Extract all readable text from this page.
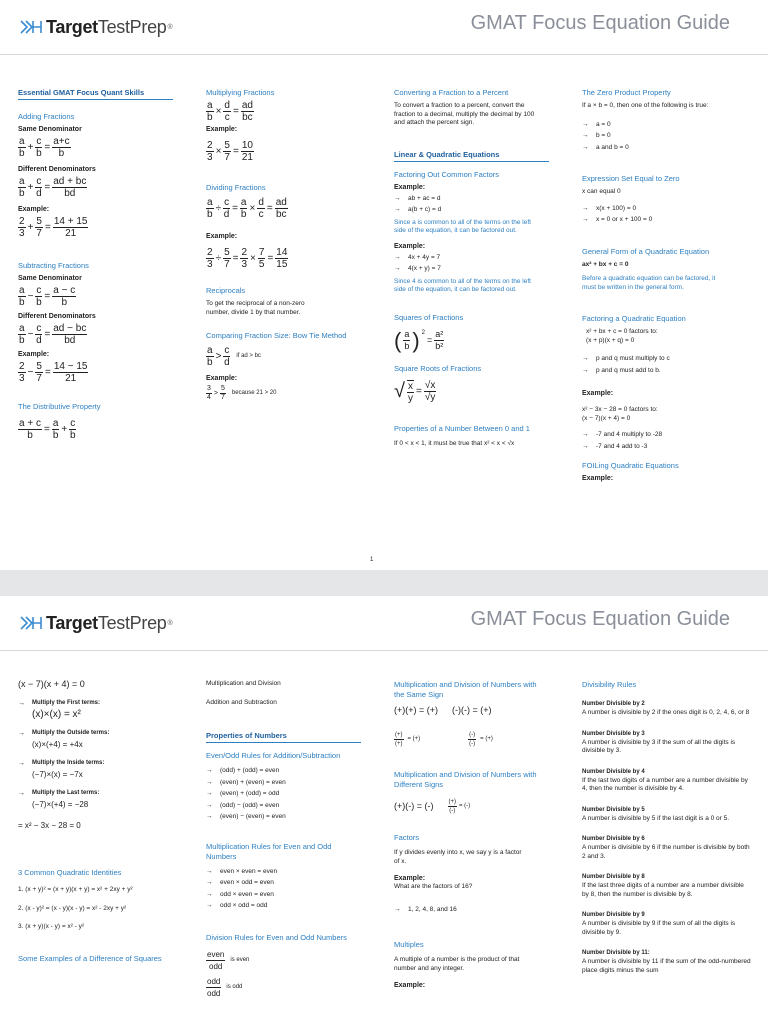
Target TestPrep ®	GMAT Focus Equation Guide
Essential GMAT Focus Quant Skills
Adding Fractions
Same Denominator
$\frac{a}{b} + \frac{c}{b} = \frac{a+c}{b}$
Different Denominators
$\frac{a}{b} + \frac{c}{d} = \frac{ad + bc}{bd}$
Example:
$\frac{2}{3} + \frac{5}{7} = \frac{14 + 15}{21}$
Subtracting Fractions
Same Denominator
$\frac{a}{b} - \frac{c}{b} = \frac{a - c}{b}$
Different Denominators
$\frac{a}{b} - \frac{c}{d} = \frac{ad - bc}{bd}$
Example:
$\frac{2}{3} - \frac{5}{7} = \frac{14 - 15}{21}$
The Distributive Property
$\frac{a + c}{b} = \frac{a}{b} + \frac{c}{b}$
Multiplying Fractions
$\frac{a}{b} \times \frac{d}{c} = \frac{ad}{bc}$
Example:
$\frac{2}{3} \times \frac{5}{7} = \frac{10}{21}$
Dividing Fractions
$\frac{a}{b} \div \frac{c}{d} = \frac{a}{b} \times \frac{d}{c} = \frac{ad}{bc}$
Example:
$\frac{2}{3} \div \frac{5}{7} = \frac{2}{3} \times \frac{7}{5} = \frac{14}{15}$
Reciprocals
To get the reciprocal of a non-zero number, divide 1 by that number.
Comparing Fraction Size: Bow Tie Method
$\frac{a}{b} > \frac{c}{d}$ if ad > bc
Example:
$\frac{3}{4} > \frac{5}{7}$ because 21 > 20
Converting a Fraction to a Percent
To convert a fraction to a percent, convert the fraction to a decimal, multiply the decimal by 100 and attach the percent sign.
Linear & Quadratic Equations
Factoring Out Common Factors
Example:
→ ab + ac = d
→ a(b + c) = d
Since a is common to all of the terms on the left side of the equation, it can be factored out.
Example:
→ 4x + 4y = 7
→ 4(x + y) = 7
Since 4 is common to all of the terms on the left side of the equation, it can be factored out.
Squares of Fractions
( $\frac{a}{b}$ ) $^2$
= $\frac{\text{a²}}{\text{b²}}$
Square Roots of Fractions
√ $\frac{x}{y} = \frac{√x}{√y}$
Properties of a Number Between 0 and 1
If 0 < x < 1, it must be true that x² < x < √x
The Zero Product Property
If a × b = 0, then one of the following is true:
→ a = 0
→ b = 0
→ a and b = 0
Expression Set Equal to Zero
x can equal 0
→ x(x + 100) = 0
→ x = 0 or x + 100 = 0
General Form of a Quadratic Equation
ax² + bx + c = 0
Before a quadratic equation can be factored, it must be written in the general form.
Factoring a Quadratic Equation
x² + bx + c = 0 factors to:
(x + p)(x + q) = 0
→ p and q must multiply to c
→ p and q must add to b.
Example:
x² − 3x − 28 = 0 factors to:
(x − 7)(x + 4) = 0
→ -7 and 4 multiply to -28
→ -7 and 4 add to -3
FOILing Quadratic Equations
Example:
1
Target TestPrep ®	GMAT Focus Equation Guide
(x − 7)(x + 4) = 0
→	Multiply the First terms:
(x)×(x) = x²
→	Multiply the Outside terms:
(x)×(+4) = +4x
→	Multiply the Inside terms:
(−7)×(x) = −7x
→	Multiply the Last terms:
(−7)×(+4) = −28
= x² − 3x − 28 = 0
3 Common Quadratic Identities
1. (x + y)² = (x + y)(x + y) = x² + 2xy + y²
2. (x - y)² = (x - y)(x - y) = x² - 2xy + y²
3. (x + y)(x - y) = x² - y²
Some Examples of a Difference of Squares
Multiplication and Division
Addition and Subtraction
Properties of Numbers
Even/Odd Rules for Addition/Subtraction
→ (odd) + (odd) = even
→ (even) + (even) = even
→ (even) + (odd) = odd
→ (odd) − (odd) = even
→ (even) − (even) = even
Multiplication Rules for Even and Odd Numbers
→ even × even = even
→ even × odd = even
→ odd × even = even
→ odd × odd = odd
Division Rules for Even and Odd Numbers
$\frac{\text{even}}{\text{odd}}$ is even
$\frac{\text{odd}}{\text{odd}}$ is odd
Multiplication and Division of Numbers with the Same Sign
(+)(+) = (+) (-)(-) = (+)
$\frac{(+)}{(+)}$ = (+)	$\frac{(-)}{(-)}$ = (+)
Multiplication and Division of Numbers with Different Signs
(+)(-) = (-) $\frac{(+)}{(-)}$ = (-)
Factors
If y divides evenly into x, we say y is a factor of x.
Example:
What are the factors of 16?
→ 1, 2, 4, 8, and 16
Multiples
A multiple of a number is the product of that number and any integer.
Example:
Divisibility Rules
Number Divisible by 2
A number is divisible by 2 if the ones digit is 0, 2, 4, 6, or 8
Number Divisible by 3
A number is divisible by 3 if the sum of all the digits is divisible by 3.
Number Divisible by 4
If the last two digits of a number are a number divisible by 4, then the number is divisible by 4.
Number Divisible by 5
A number is divisible by 5 if the last digit is a 0 or 5.
Number Divisible by 6
A number is divisible by 6 if the number is divisible by both 2 and 3.
Number Divisible by 8
If the last three digits of a number are a number divisible by 8, then the number is divisible by 8.
Number Divisible by 9
A number is divisible by 9 if the sum of all the digits is divisible by 9.
Number Divisible by 11:
A number is divisible by 11 if the sum of the odd-numbered place digits minus the sum
